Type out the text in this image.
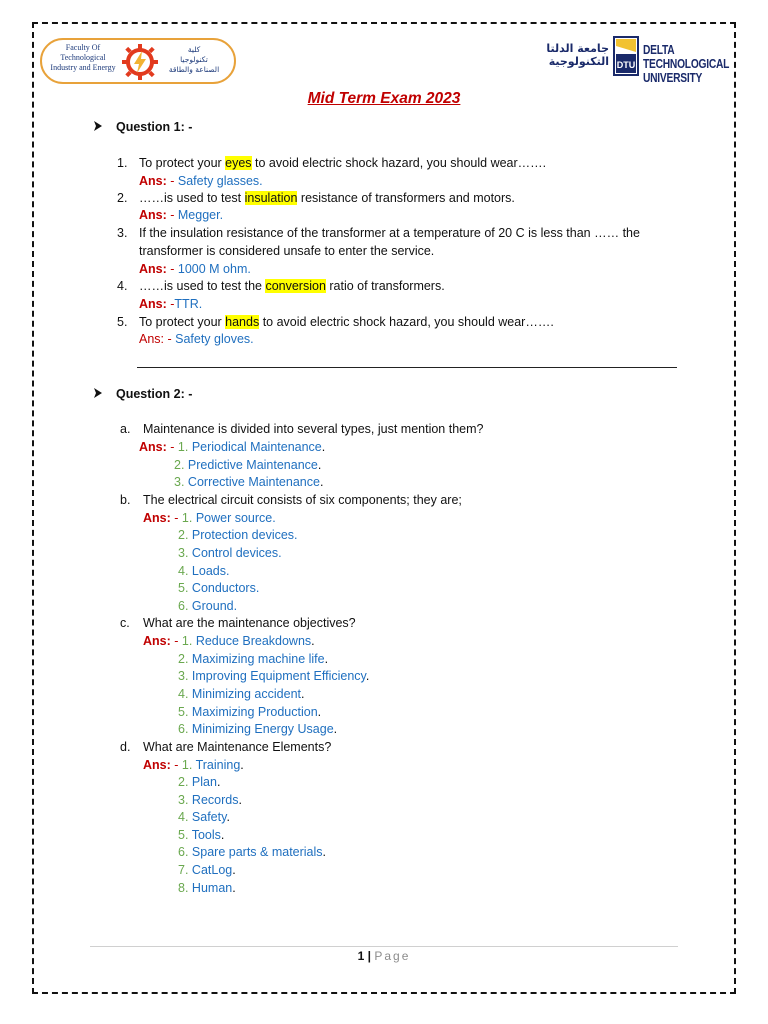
Faculty Of
Technological
Industry and Energy
كلية
تكنولوجيا
الصناعة والطاقة
جامعة الدلتا
التكنولوجية DTU
DELTA TECHNOLOGICAL
UNIVERSITY
Mid Term Exam 2023
Question 1: -
1. To protect your eyes to avoid electric shock hazard, you should wear…….
Ans: - Safety glasses.
2. ……is used to test insulation resistance of transformers and motors.
Ans: - Megger.
3. If the insulation resistance of the transformer at a temperature of 20 C is less than …… the
transformer is considered unsafe to enter the service.
Ans: - 1000 M ohm.
4. ……is used to test the conversion ratio of transformers.
Ans: -TTR.
5. To protect your hands to avoid electric shock hazard, you should wear…….
Ans: - Safety gloves.
Question 2: -
a. Maintenance is divided into several types, just mention them?
Ans: - 1. Periodical Maintenance.
2. Predictive Maintenance.
3. Corrective Maintenance.
b. The electrical circuit consists of six components; they are;
Ans: - 1. Power source.
2. Protection devices.
3. Control devices.
4. Loads.
5. Conductors.
6. Ground.
c. What are the maintenance objectives?
Ans: - 1. Reduce Breakdowns.
2. Maximizing machine life.
3. Improving Equipment Efficiency.
4. Minimizing accident.
5. Maximizing Production.
6. Minimizing Energy Usage.
d. What are Maintenance Elements?
Ans: - 1. Training.
2. Plan.
3. Records.
4. Safety.
5. Tools.
6. Spare parts & materials.
7. CatLog.
8. Human.
1 | Page
